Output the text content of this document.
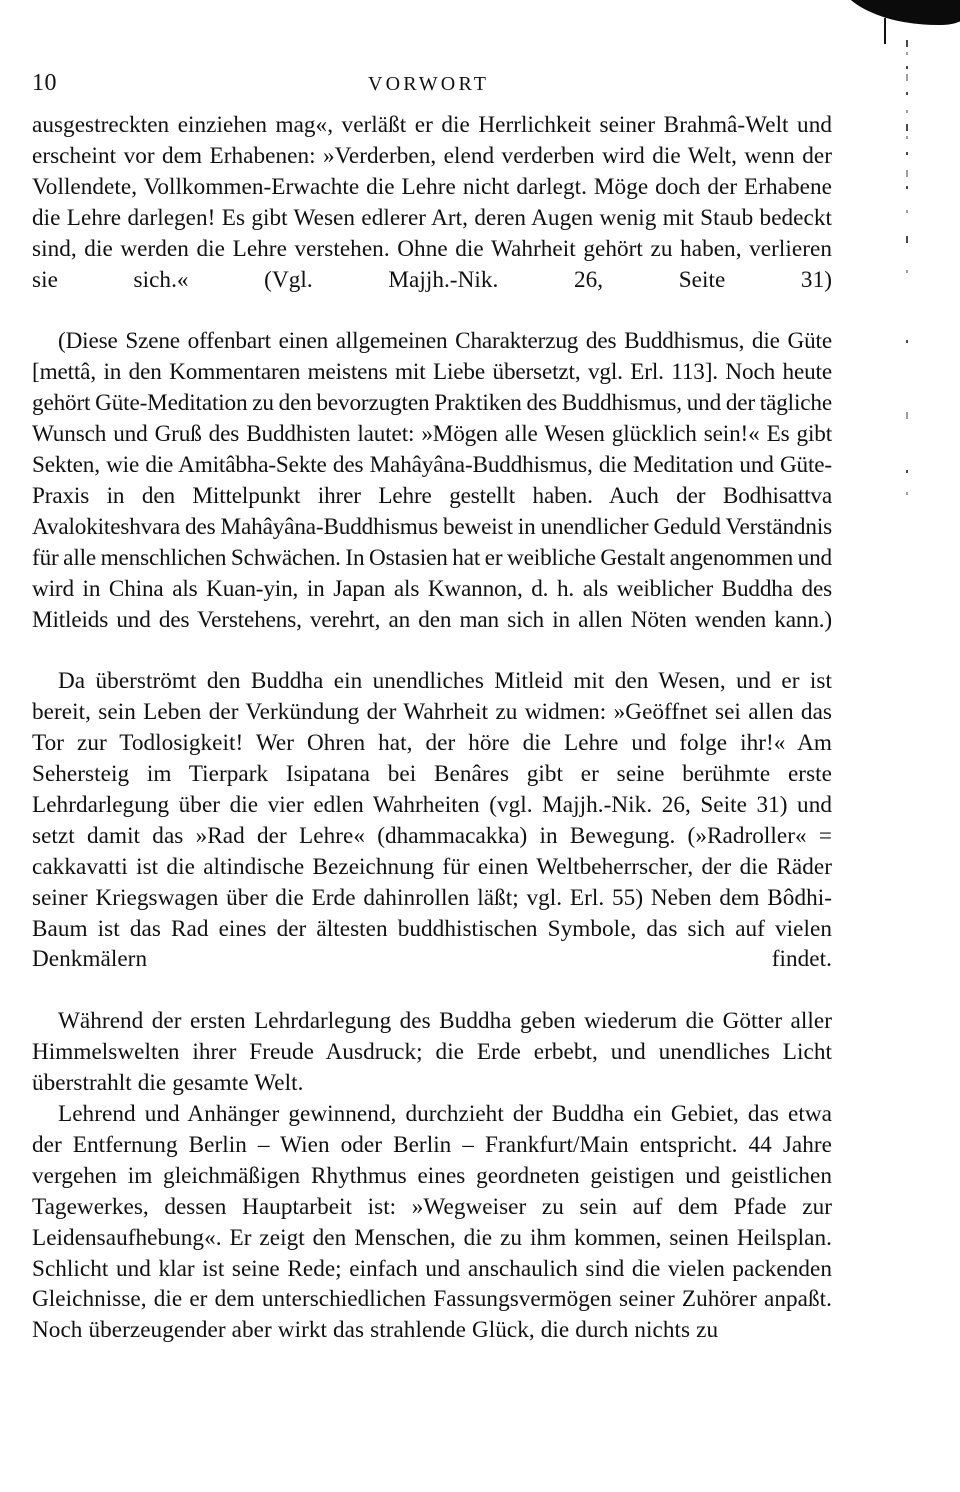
10	VORWORT

ausgestreckten einziehen mag«, verläßt er die Herrlichkeit seiner Brahmâ-Welt und erscheint vor dem Erhabenen: »Verderben, elend verderben wird die Welt, wenn der Vollendete, Vollkommen-Erwachte die Lehre nicht darlegt. Möge doch der Erhabene die Lehre darlegen! Es gibt Wesen edlerer Art, deren Augen wenig mit Staub bedeckt sind, die werden die Lehre verstehen. Ohne die Wahrheit gehört zu haben, verlieren sie sich.« (Vgl. Majjh.-Nik. 26, Seite 31)

(Diese Szene offenbart einen allgemeinen Charakterzug des Buddhismus, die Güte [mettâ, in den Kommentaren meistens mit Liebe übersetzt, vgl. Erl. 113]. Noch heute gehört Güte-Meditation zu den bevorzugten Praktiken des Buddhismus, und der tägliche Wunsch und Gruß des Buddhisten lautet: »Mögen alle Wesen glücklich sein!« Es gibt Sekten, wie die Amitâbha-Sekte des Mahâyâna-Buddhismus, die Meditation und Güte-Praxis in den Mittelpunkt ihrer Lehre gestellt haben. Auch der Bodhisattva Avalokiteshvara des Mahâyâna-Buddhismus beweist in unendlicher Geduld Verständnis für alle menschlichen Schwächen. In Ostasien hat er weibliche Gestalt angenommen und wird in China als Kuan-yin, in Japan als Kwannon, d. h. als weiblicher Buddha des Mitleids und des Verstehens, verehrt, an den man sich in allen Nöten wenden kann.)

Da überströmt den Buddha ein unendliches Mitleid mit den Wesen, und er ist bereit, sein Leben der Verkündung der Wahrheit zu widmen: »Geöffnet sei allen das Tor zur Todlosigkeit! Wer Ohren hat, der höre die Lehre und folge ihr!« Am Sehersteig im Tierpark Isipatana bei Benâres gibt er seine berühmte erste Lehrdarlegung über die vier edlen Wahrheiten (vgl. Majjh.-Nik. 26, Seite 31) und setzt damit das »Rad der Lehre« (dhammacakka) in Bewegung. (»Radroller« = cakkavatti ist die altindische Bezeichnung für einen Weltbeherrscher, der die Räder seiner Kriegswagen über die Erde dahinrollen läßt; vgl. Erl. 55) Neben dem Bôdhi-Baum ist das Rad eines der ältesten buddhistischen Symbole, das sich auf vielen Denkmälern findet.

Während der ersten Lehrdarlegung des Buddha geben wiederum die Götter aller Himmelswelten ihrer Freude Ausdruck; die Erde erbebt, und unendliches Licht überstrahlt die gesamte Welt.

Lehrend und Anhänger gewinnend, durchzieht der Buddha ein Gebiet, das etwa der Entfernung Berlin – Wien oder Berlin – Frankfurt/Main entspricht. 44 Jahre vergehen im gleichmäßigen Rhythmus eines geordneten geistigen und geistlichen Tagewerkes, dessen Hauptarbeit ist: »Wegweiser zu sein auf dem Pfade zur Leidensaufhebung«. Er zeigt den Menschen, die zu ihm kommen, seinen Heilsplan. Schlicht und klar ist seine Rede; einfach und anschaulich sind die vielen packenden Gleichnisse, die er dem unterschiedlichen Fassungsvermögen seiner Zuhörer anpaßt. Noch überzeugender aber wirkt das strahlende Glück, die durch nichts zu
